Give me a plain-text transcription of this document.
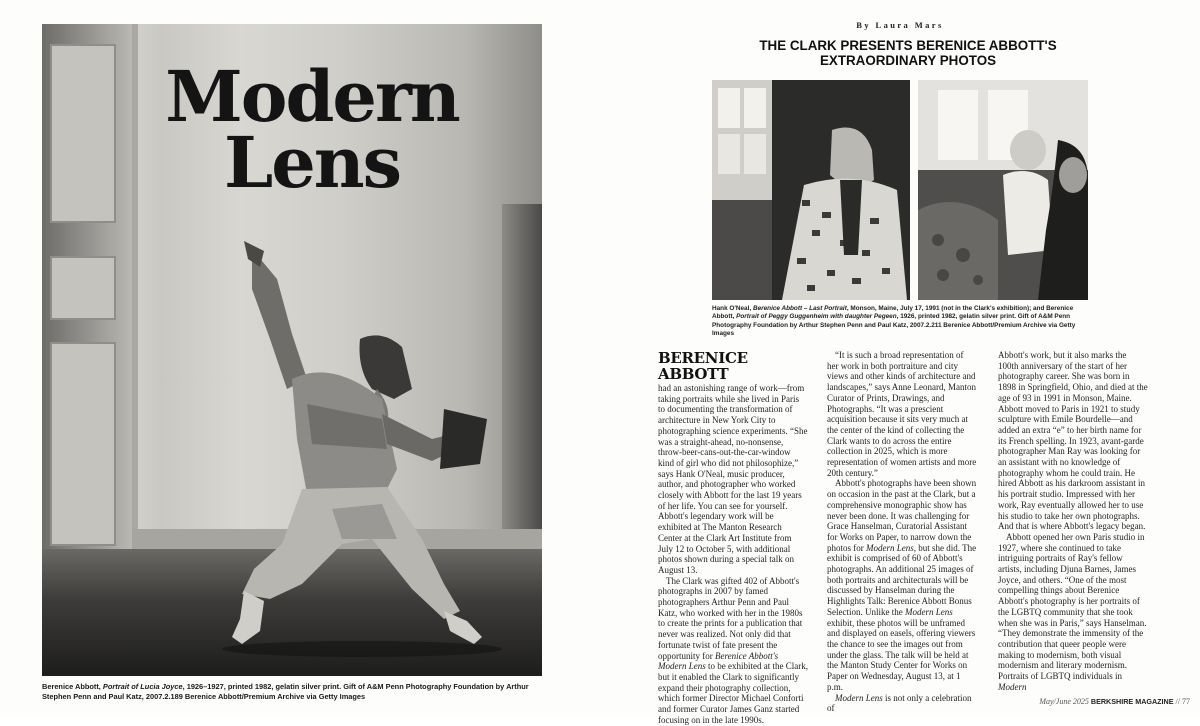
Modern
Lens
Berenice Abbott, Portrait of Lucia Joyce, 1926–1927, printed 1982, gelatin silver print. Gift of A&M Penn Photography Foundation by Arthur Stephen Penn and Paul Katz, 2007.2.189 Berenice Abbott/Premium Archive via Getty Images
By Laura Mars
THE CLARK PRESENTS BERENICE ABBOTT'S EXTRAORDINARY PHOTOS
Hank O'Neal, Berenice Abbott – Last Portrait, Monson, Maine, July 17, 1991 (not in the Clark's exhibition); and Berenice Abbott, Portrait of Peggy Guggenheim with daughter Pegeen, 1926, printed 1982, gelatin silver print. Gift of A&M Penn Photography Foundation by Arthur Stephen Penn and Paul Katz, 2007.2.211 Berenice Abbott/Premium Archive via Getty Images
BERENICE ABBOTT

had an astonishing range of work—from taking portraits while she lived in Paris to documenting the transformation of architecture in New York City to photographing science experiments. “She was a straight-ahead, no-nonsense, throw-beer-cans-out-the-car-window kind of girl who did not philosophize,” says Hank O'Neal, music producer, author, and photographer who worked closely with Abbott for the last 19 years of her life. You can see for yourself. Abbott's legendary work will be exhibited at The Manton Research Center at the Clark Art Institute from July 12 to October 5, with additional photos shown during a special talk on August 13.

The Clark was gifted 402 of Abbott's photographs in 2007 by famed photographers Arthur Penn and Paul Katz, who worked with her in the 1980s to create the prints for a publication that never was realized. Not only did that fortunate twist of fate present the opportunity for Berenice Abbott's Modern Lens to be exhibited at the Clark, but it enabled the Clark to significantly expand their photography collection, which former Director Michael Conforti and former Curator James Ganz started focusing on in the late 1990s.

“It is such a broad representation of her work in both portraiture and city views and other kinds of architecture and landscapes,” says Anne Leonard, Manton Curator of Prints, Drawings, and Photographs. “It was a prescient acquisition because it sits very much at the center of the kind of collecting the Clark wants to do across the entire collection in 2025, which is more representation of women artists and more 20th century.”

Abbott's photographs have been shown on occasion in the past at the Clark, but a comprehensive monographic show has never been done. It was challenging for Grace Hanselman, Curatorial Assistant for Works on Paper, to narrow down the photos for Modern Lens, but she did. The exhibit is comprised of 60 of Abbott's photographs. An additional 25 images of both portraits and architecturals will be discussed by Hanselman during the Highlights Talk: Berenice Abbott Bonus Selection. Unlike the Modern Lens exhibit, these photos will be unframed and displayed on easels, offering viewers the chance to see the images out from under the glass. The talk will be held at the Manton Study Center for Works on Paper on Wednesday, August 13, at 1 p.m.

Modern Lens is not only a celebration of

Abbott's work, but it also marks the 100th anniversary of the start of her photography career. She was born in 1898 in Springfield, Ohio, and died at the age of 93 in 1991 in Monson, Maine. Abbott moved to Paris in 1921 to study sculpture with Emile Bourdelle—and added an extra “e” to her birth name for its French spelling. In 1923, avant-garde photographer Man Ray was looking for an assistant with no knowledge of photography whom he could train. He hired Abbott as his darkroom assistant in his portrait studio. Impressed with her work, Ray eventually allowed her to use his studio to take her own photographs. And that is where Abbott's legacy began.

Abbott opened her own Paris studio in 1927, where she continued to take intriguing portraits of Ray's fellow artists, including Djuna Barnes, James Joyce, and others. “One of the most compelling things about Berenice Abbott's photography is her portraits of the LGBTQ community that she took when she was in Paris,” says Hanselman. “They demonstrate the immensity of the contribution that queer people were making to modernism, both visual modernism and literary modernism. Portraits of LGBTQ individuals in Modern

May/June 2025 BERKSHIRE MAGAZINE // 77
